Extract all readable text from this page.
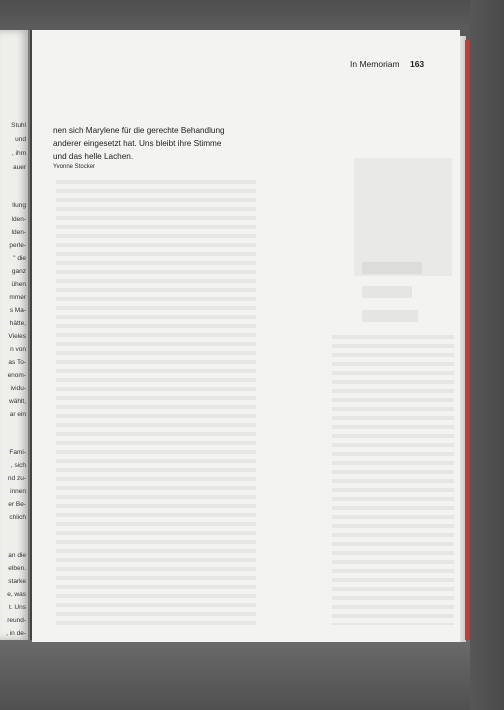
Stuhl
und
, ihm
auer
llung
lden-
lden-
perle-
" die
ganz
ühen
mmer
s Ma-
hätte,
Vieles
n von
as To-
enom-
ividu-
wählt,
ar ein
Fami-
, sich
nd zu-
innen
er Be-
chlich
an die
elben.
starke
e, was
t. Uns
reund-
, in de-
In Memoriam 163

nen sich Marylene für die gerechte Behandlung

anderer eingesetzt hat. Uns bleibt ihre Stimme

und das helle Lachen.

Yvonne Stocker
